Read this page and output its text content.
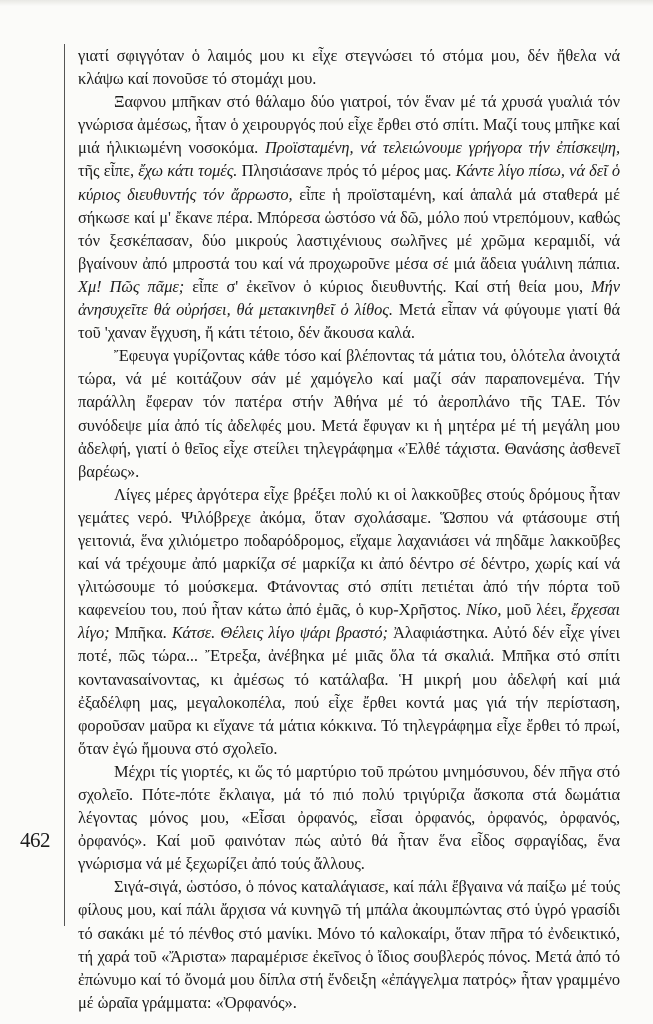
462

γιατί σφιγγόταν ὁ λαιμός μου κι εἶχε στεγνώσει τό στόμα μου, δέν ἤθελα νά κλάψω καί πονοῦσε τό στομάχι μου.

Ξαφνου μπῆκαν στό θάλαμο δύο γιατροί, τόν ἕναν μέ τά χρυσά γυαλιά τόν γνώρισα ἀμέσως, ἦταν ὁ χειρουργός πού εἶχε ἔρθει στό σπίτι. Μαζί τους μπῆκε καί μιά ἡλικιωμένη νοσοκόμα. Προϊσταμένη, νά τελειώνουμε γρήγορα τήν ἐπίσκεψη, τῆς εἶπε, ἔχω κάτι τομές. Πλησιάσανε πρός τό μέρος μας. Κάντε λίγο πίσω, νά δεῖ ὁ κύριος διευθυντής τόν ἄρρωστο, εἶπε ἡ προϊσταμένη, καί ἁπαλά μά σταθερά μέ σήκωσε καί μ' ἔκανε πέρα. Μπόρεσα ὡστόσο νά δῶ, μόλο πού ντρεπόμουν, καθώς τόν ξεσκέπασαν, δύο μικρούς λαστιχένιους σωλῆνες μέ χρῶμα κεραμιδί, νά βγαίνουν ἀπό μπροστά του καί νά προχωροῦνε μέσα σέ μιά ἄδεια γυάλινη πάπια. Χμ! Πῶς πᾶμε; εἶπε σ' ἐκεῖνον ὁ κύριος διευθυντής. Καί στή θεία μου, Μήν ἀνησυχεῖτε θά οὐρήσει, θά μετακινηθεῖ ὁ λίθος. Μετά εἶπαν νά φύγουμε γιατί θά τοῦ 'χαναν ἔγχυση, ἤ κάτι τέτοιο, δέν ἄκουσα καλά.

Ἔφευγα γυρίζοντας κάθε τόσο καί βλέποντας τά μάτια του, ὁλότελα ἀνοιχτά τώρα, νά μέ κοιτάζουν σάν μέ χαμόγελο καί μαζί σάν παραπονεμένα. Τήν παράλλη ἔφεραν τόν πατέρα στήν Ἀθήνα μέ τό ἀεροπλάνο τῆς ΤΑΕ. Τόν συνόδεψε μία ἀπό τίς ἀδελφές μου. Μετά ἔφυγαν κι ἡ μητέρα μέ τή μεγάλη μου ἀδελφή, γιατί ὁ θεῖος εἶχε στείλει τηλεγράφημα «Ἐλθέ τάχιστα. Θανάσης ἀσθενεῖ βαρέως».

Λίγες μέρες ἀργότερα εἶχε βρέξει πολύ κι οἱ λακκοῦβες στούς δρόμους ἦταν γεμάτες νερό. Ψιλόβρεχε ἀκόμα, ὅταν σχολάσαμε. Ὥσπου νά φτάσουμε στή γειτονιά, ἕνα χιλιόμετρο ποδαρόδρομος, εἴχαμε λαχανιάσει νά πηδᾶμε λακκοῦβες καί νά τρέχουμε ἀπό μαρκίζα σέ μαρκίζα κι ἀπό δέντρο σέ δέντρο, χωρίς καί νά γλιτώσουμε τό μούσκεμα. Φτάνοντας στό σπίτι πετιέται ἀπό τήν πόρτα τοῦ καφενείου του, πού ἦταν κάτω ἀπό ἐμᾶς, ὁ κυρ-Χρῆστος. Νίκο, μοῦ λέει, ἔρχεσαι λίγο; Μπῆκα. Κάτσε. Θέλεις λίγο ψάρι βραστό; Ἀλαφιάστηκα. Αὐτό δέν εἶχε γίνει ποτέ, πῶς τώρα... Ἔτρεξα, ἀνέβηκα μέ μιᾶς ὅλα τά σκαλιά. Μπῆκα στό σπίτι κονταναsαίνοντας, κι ἀμέσως τό κατάλαβα. Ἡ μικρή μου ἀδελφή καί μιά ἐξαδέλφη μας, μεγαλοκοπέλα, πού εἶχε ἔρθει κοντά μας γιά τήν περίσταση, φοροῦσαν μαῦρα κι εἴχανε τά μάτια κόκκινα. Τό τηλεγράφημα εἶχε ἔρθει τό πρωί, ὅταν ἐγώ ἤμουνα στό σχολεῖο.

Μέχρι τίς γιορτές, κι ὥς τό μαρτύριο τοῦ πρώτου μνημόσυνου, δέν πῆγα στό σχολεῖο. Πότε-πότε ἔκλαιγα, μά τό πιό πολύ τριγύριζα ἄσκοπα στά δωμάτια λέγοντας μόνος μου, «Εἶσαι ὀρφανός, εἶσαι ὀρφανός, ὀρφανός, ὀρφανός, ὀρφανός». Καί μοῦ φαινόταν πώς αὐτό θά ἦταν ἕνα εἶδος σφραγίδας, ἕνα γνώρισμα νά μέ ξεχωρίζει ἀπό τούς ἄλλους.

Σιγά-σιγά, ὡστόσο, ὁ πόνος καταλάγιασε, καί πάλι ἔβγαινα νά παίξω μέ τούς φίλους μου, καί πάλι ἄρχισα νά κυνηγῶ τή μπάλα ἀκουμπώντας στό ὑγρό γρασίδι τό σακάκι μέ τό πένθος στό μανίκι. Μόνο τό καλοκαίρι, ὅταν πῆρα τό ἐνδεικτικό, τή χαρά τοῦ «Ἄριστα» παραμέρισε ἐκεῖνος ὁ ἴδιος σουβλερός πόνος. Μετά ἀπό τό ἐπώνυμο καί τό ὄνομά μου δίπλα στή ἔνδειξη «ἐπάγγελμα πατρός» ἦταν γραμμένο μέ ὡραῖα γράμματα: «Ὀρφανός».
